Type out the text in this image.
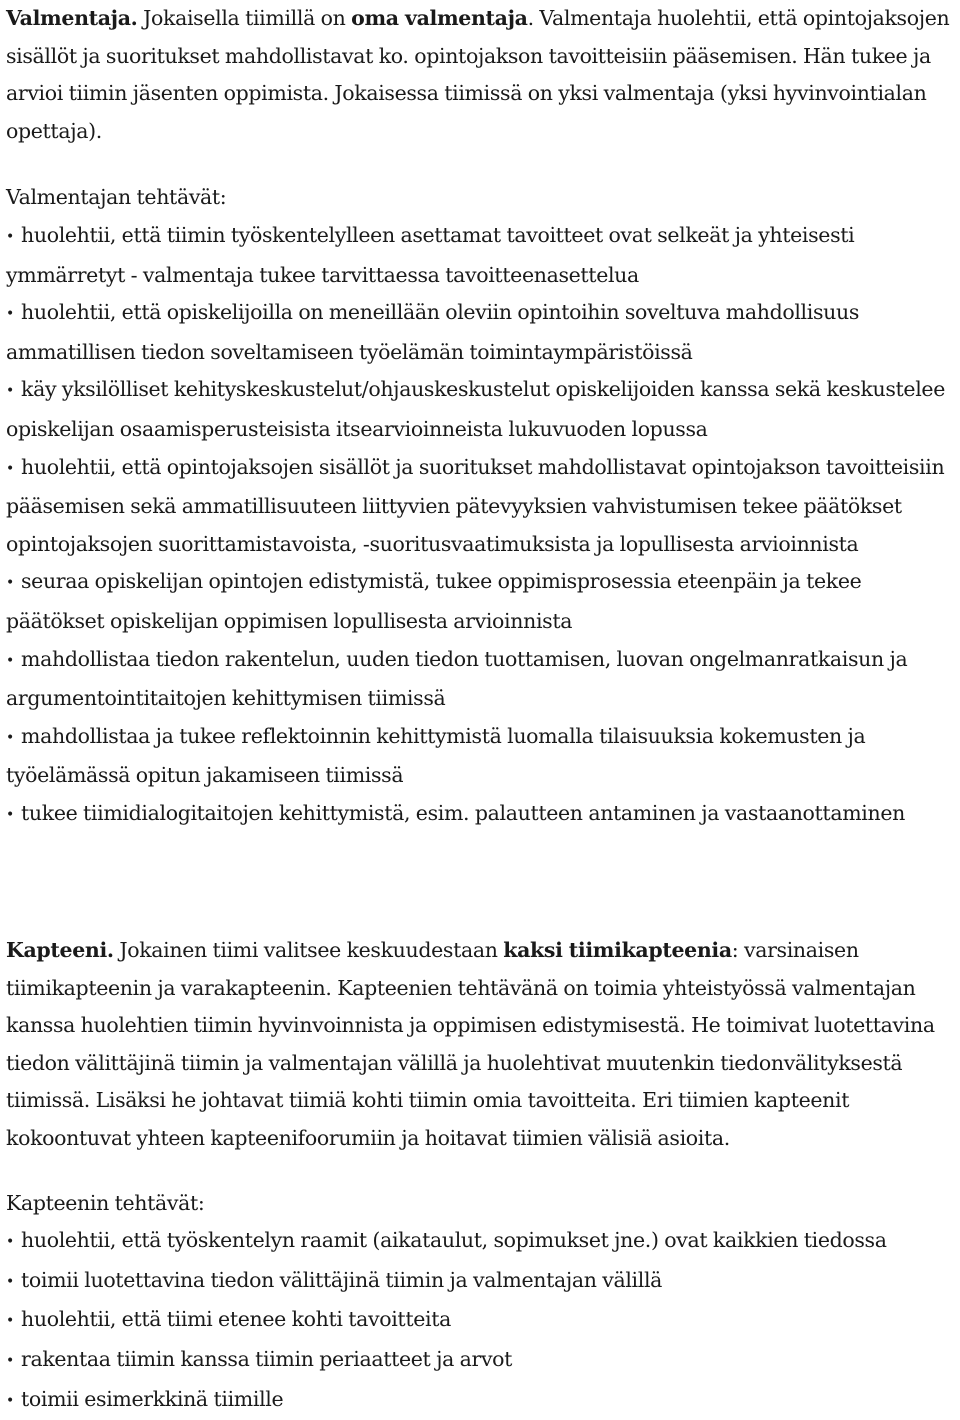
Valmentaja. Jokaisella tiimillä on oma valmentaja. Valmentaja huolehtii, että opintojaksojen sisällöt ja suoritukset mahdollistavat ko. opintojakson tavoitteisiin pääsemisen. Hän tukee ja arvioi tiimin jäsenten oppimista. Jokaisessa tiimissä on yksi valmentaja (yksi hyvinvointialan opettaja).

Valmentajan tehtävät:

• huolehtii, että tiimin työskentelylleen asettamat tavoitteet ovat selkeät ja yhteisesti ymmärretyt - valmentaja tukee tarvittaessa tavoitteenasettelua
• huolehtii, että opiskelijoilla on meneillään oleviin opintoihin soveltuva mahdollisuus ammatillisen tiedon soveltamiseen työelämän toimintaympäristöissä
• käy yksilölliset kehityskeskustelut/ohjauskeskustelut opiskelijoiden kanssa sekä keskustelee opiskelijan osaamisperusteisista itsearvioinneista lukuvuoden lopussa
• huolehtii, että opintojaksojen sisällöt ja suoritukset mahdollistavat opintojakson tavoitteisiin pääsemisen sekä ammatillisuuteen liittyvien pätevyyksien vahvistumisen tekee päätökset opintojaksojen suorittamistavoista, -suoritusvaatimuksista ja lopullisesta arvioinnista
• seuraa opiskelijan opintojen edistymistä, tukee oppimisprosessia eteenpäin ja tekee päätökset opiskelijan oppimisen lopullisesta arvioinnista
• mahdollistaa tiedon rakentelun, uuden tiedon tuottamisen, luovan ongelmanratkaisun ja argumentointitaitojen kehittymisen tiimissä
• mahdollistaa ja tukee reflektoinnin kehittymistä luomalla tilaisuuksia kokemusten ja työelämässä opitun jakamiseen tiimissä
• tukee tiimidialogitaitojen kehittymistä, esim. palautteen antaminen ja vastaanottaminen

Kapteeni. Jokainen tiimi valitsee keskuudestaan kaksi tiimikapteenia: varsinaisen tiimikapteenin ja varakapteenin. Kapteenien tehtävänä on toimia yhteistyössä valmentajan kanssa huolehtien tiimin hyvinvoinnista ja oppimisen edistymisestä. He toimivat luotettavina tiedon välittäjinä tiimin ja valmentajan välillä ja huolehtivat muutenkin tiedonvälityksestä tiimissä. Lisäksi he johtavat tiimiä kohti tiimin omia tavoitteita. Eri tiimien kapteenit kokoontuvat yhteen kapteenifoorumiin ja hoitavat tiimien välisiä asioita.

Kapteenin tehtävät:

• huolehtii, että työskentelyn raamit (aikataulut, sopimukset jne.) ovat kaikkien tiedossa
• toimii luotettavina tiedon välittäjinä tiimin ja valmentajan välillä
• huolehtii, että tiimi etenee kohti tavoitteita
• rakentaa tiimin kanssa tiimin periaatteet ja arvot
• toimii esimerkkinä tiimille
